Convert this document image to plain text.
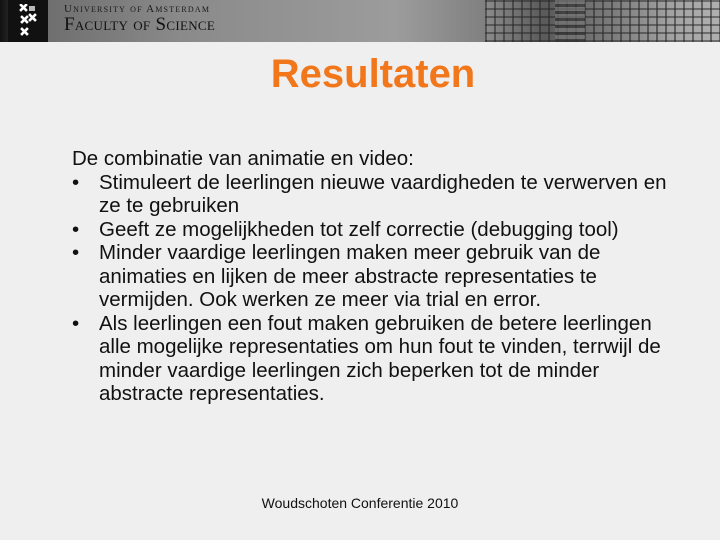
University of Amsterdam
Faculty of Science
Resultaten

De combinatie van animatie en video:

• Stimuleert de leerlingen nieuwe vaardigheden te verwerven en ze te gebruiken
• Geeft ze mogelijkheden tot zelf correctie (debugging tool)
• Minder vaardige leerlingen maken meer gebruik van de animaties en lijken de meer abstracte representaties te vermijden. Ook werken ze meer via trial en error.
• Als leerlingen een fout maken gebruiken de betere leerlingen alle mogelijke representaties om hun fout te vinden, terrwijl de minder vaardige leerlingen zich beperken tot de minder abstracte representaties.
Woudschoten Conferentie 2010
